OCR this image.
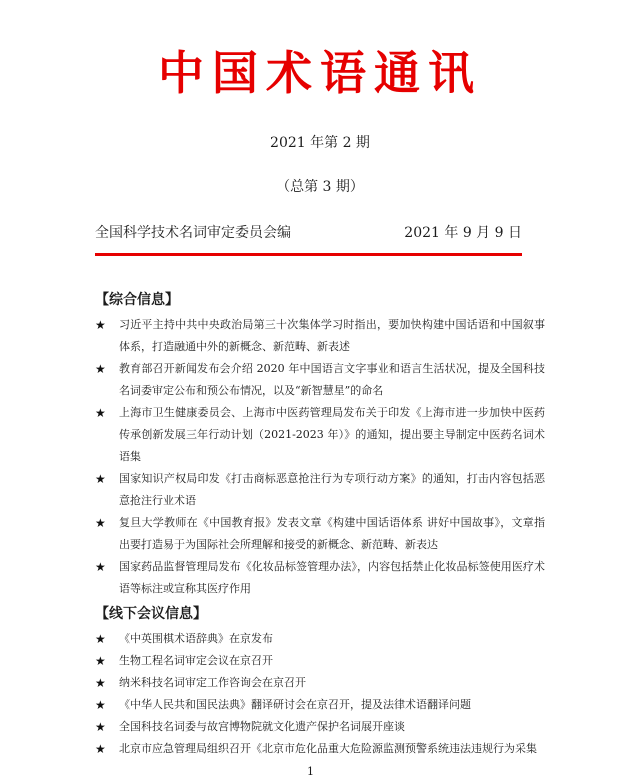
中国术语通讯
2021 年第 2 期
（总第 3 期）
全国科学技术名词审定委员会编	2021 年 9 月 9 日
【综合信息】
★ 习近平主持中共中央政治局第三十次集体学习时指出，要加快构建中国话语和中国叙事体系，打造融通中外的新概念、新范畴、新表述
★ 教育部召开新闻发布会介绍 2020 年中国语言文字事业和语言生活状况，提及全国科技名词委审定公布和预公布情况，以及“新智慧星”的命名
★ 上海市卫生健康委员会、上海市中医药管理局发布关于印发《上海市进一步加快中医药传承创新发展三年行动计划（2021-2023 年）》的通知，提出要主导制定中医药名词术语集
★ 国家知识产权局印发《打击商标恶意抢注行为专项行动方案》的通知，打击内容包括恶意抢注行业术语
★ 复旦大学教师在《中国教育报》发表文章《构建中国话语体系 讲好中国故事》，文章指出要打造易于为国际社会所理解和接受的新概念、新范畴、新表达
★ 国家药品监督管理局发布《化妆品标签管理办法》，内容包括禁止化妆品标签使用医疗术语等标注或宣称其医疗作用
【线下会议信息】
★ 《中英围棋术语辞典》在京发布
★ 生物工程名词审定会议在京召开
★ 纳米科技名词审定工作咨询会在京召开
★ 《中华人民共和国民法典》翻译研讨会在京召开，提及法律术语翻译问题
★ 全国科技名词委与故宫博物院就文化遗产保护名词展开座谈
★ 北京市应急管理局组织召开《北京市危化品重大危险源监测预警系统违法违规行为采集
1
